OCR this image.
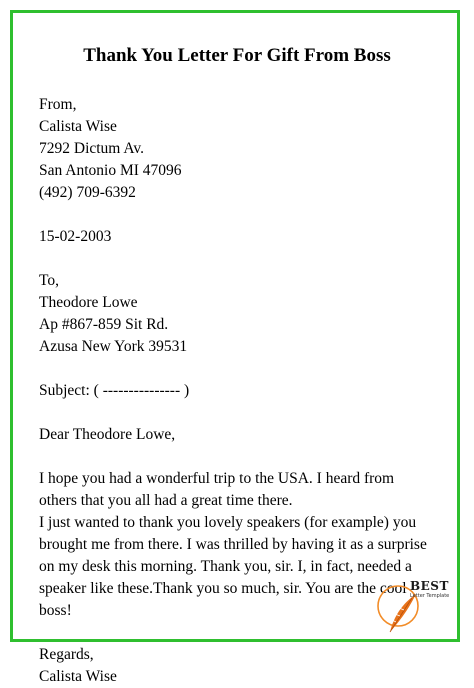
Thank You Letter For Gift From Boss
From,
Calista Wise
7292 Dictum Av.
San Antonio MI 47096
(492) 709-6392
15-02-2003
To,
Theodore Lowe
Ap #867-859 Sit Rd.
Azusa New York 39531
Subject: ( --------------- )
Dear Theodore Lowe,
I hope you had a wonderful trip to the USA. I heard from
others that you all had a great time there.
I just wanted to thank you lovely speakers (for example) you
brought me from there. I was thrilled by having it as a surprise
on my desk this morning. Thank you, sir. I, in fact, needed a
speaker like these.Thank you so much, sir. You are the cool
boss!
Regards,
Calista Wise
BEST
Letter Template
